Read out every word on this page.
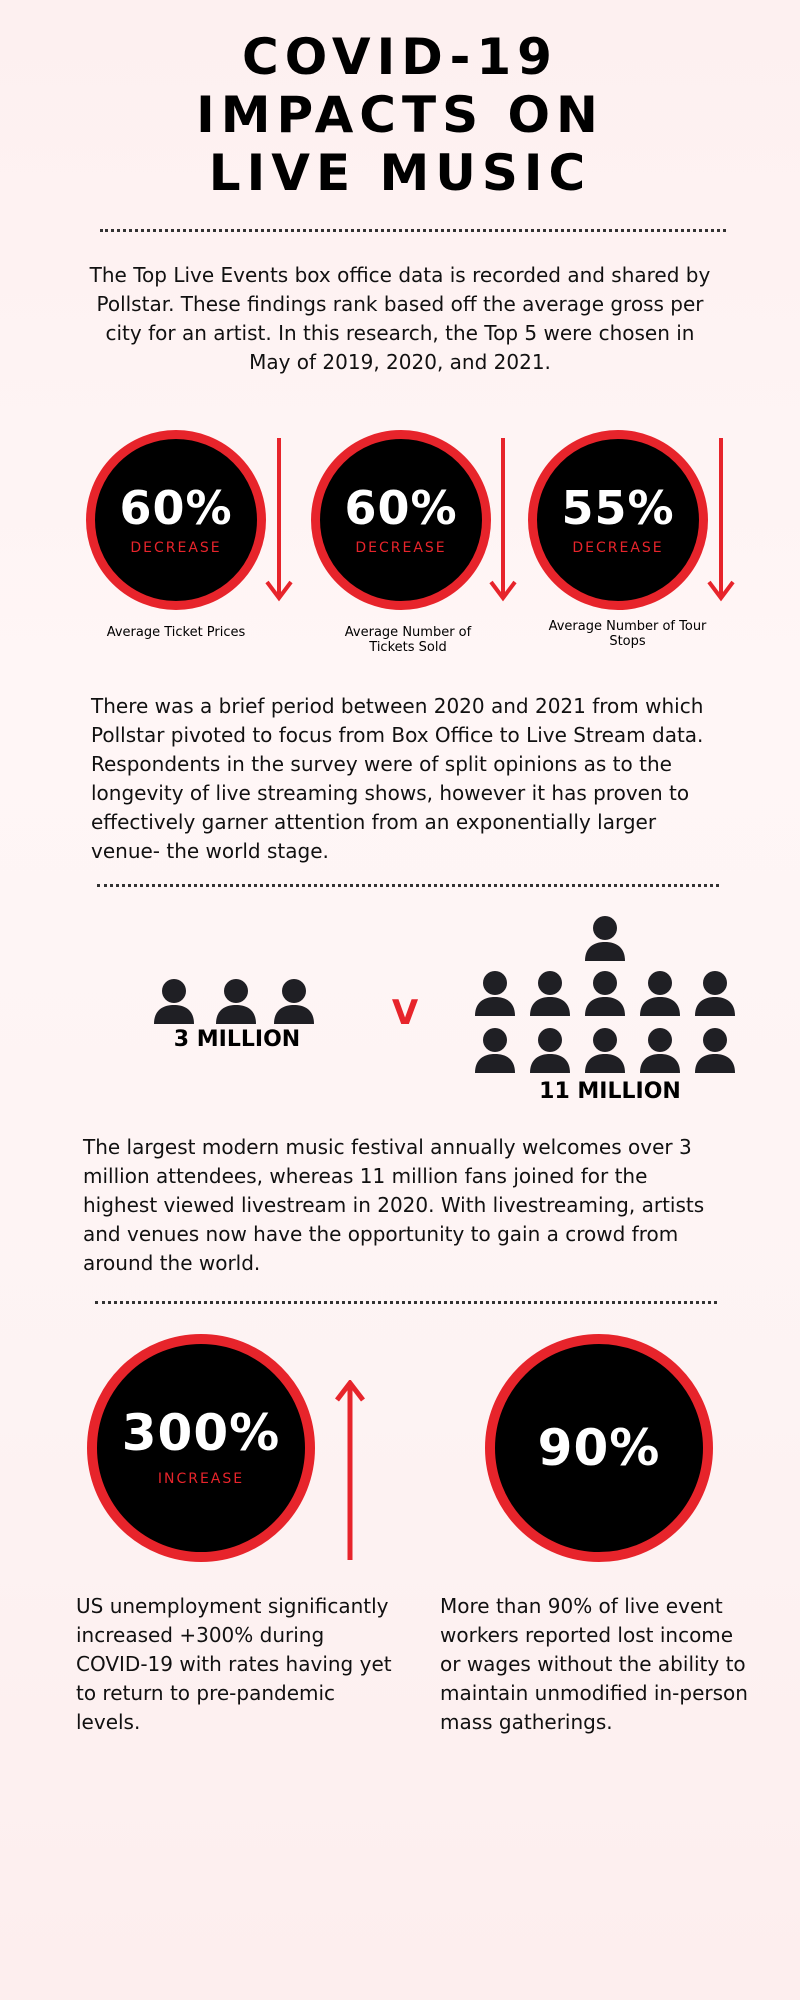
COVID-19
IMPACTS ON
LIVE MUSIC

The Top Live Events box office data is recorded and shared by Pollstar. These findings rank based off the average gross per city for an artist. In this research, the Top 5 were chosen in May of 2019, 2020, and 2021.

60%
DECREASE
Average Ticket Prices
60%
DECREASE
Average Number of Tickets Sold
55%
DECREASE
Average Number of Tour Stops

There was a brief period between 2020 and 2021 from which Pollstar pivoted to focus from Box Office to Live Stream data. Respondents in the survey were of split opinions as to the longevity of live streaming shows, however it has proven to effectively garner attention from an exponentially larger venue- the world stage.

3 MILLION
V
11 MILLION

The largest modern music festival annually welcomes over 3 million attendees, whereas 11 million fans joined for the highest viewed livestream in 2020. With livestreaming, artists and venues now have the opportunity to gain a crowd from around the world.

300%
INCREASE
90%

US unemployment significantly increased +300% during COVID-19 with rates having yet to return to pre-pandemic levels.

More than 90% of live event workers reported lost income or wages without the ability to maintain unmodified in-person mass gatherings.
